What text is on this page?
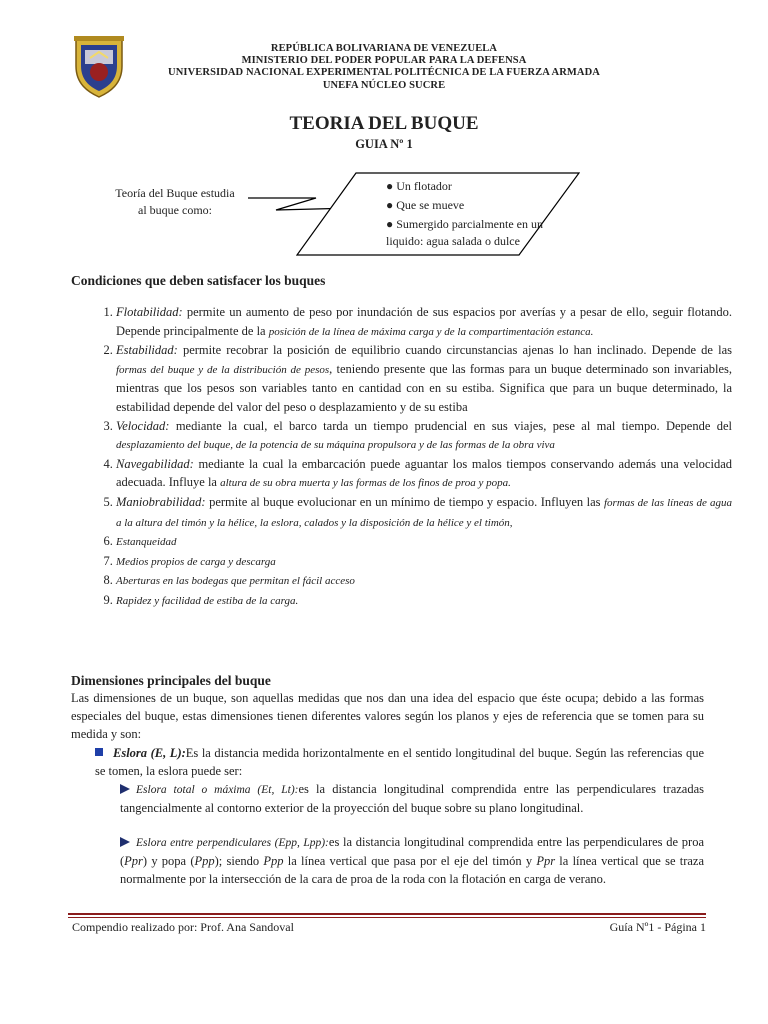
REPÚBLICA BOLIVARIANA DE VENEZUELA
MINISTERIO DEL PODER POPULAR PARA LA DEFENSA
UNIVERSIDAD NACIONAL EXPERIMENTAL POLITÉCNICA DE LA FUERZA ARMADA
UNEFA NÚCLEO SUCRE
TEORIA DEL BUQUE
GUIA Nº 1
Teoría del Buque estudia
al buque como:
● Un flotador
● Que se mueve
● Sumergido parcialmente en un liquido: agua salada o dulce
Condiciones que deben satisfacer los buques
1. Flotabilidad: permite un aumento de peso por inundación de sus espacios por averías y a pesar de ello, seguir flotando. Depende principalmente de la posición de la línea de máxima carga y de la compartimentación estanca.
2. Estabilidad: permite recobrar la posición de equilibrio cuando circunstancias ajenas lo han inclinado. Depende de las formas del buque y de la distribución de pesos, teniendo presente que las formas para un buque determinado son invariables, mientras que los pesos son variables tanto en cantidad con en su estiba. Significa que para un buque determinado, la estabilidad depende del valor del peso o desplazamiento y de su estiba
3. Velocidad: mediante la cual, el barco tarda un tiempo prudencial en sus viajes, pese al mal tiempo. Depende del desplazamiento del buque, de la potencia de su máquina propulsora y de las formas de la obra viva
4. Navegabilidad: mediante la cual la embarcación puede aguantar los malos tiempos conservando además una velocidad adecuada. Influye la altura de su obra muerta y las formas de los finos de proa y popa.
5. Maniobrabilidad: permite al buque evolucionar en un mínimo de tiempo y espacio. Influyen las formas de las líneas de agua a la altura del timón y la hélice, la eslora, calados y la disposición de la hélice y el timón,
6. Estanqueidad
7. Medios propios de carga y descarga
8. Aberturas en las bodegas que permitan el fácil acceso
9. Rapidez y facilidad de estiba de la carga.
Dimensiones principales del buque
Las dimensiones de un buque, son aquellas medidas que nos dan una idea del espacio que éste ocupa; debido a las formas especiales del buque, estas dimensiones tienen diferentes valores según los planos y ejes de referencia que se tomen para su medida y son:
Eslora (E, L):Es la distancia medida horizontalmente en el sentido longitudinal del buque. Según las referencias que se tomen, la eslora puede ser:
Eslora total o máxima (Et, Lt):es la distancia longitudinal comprendida entre las perpendiculares trazadas tangencialmente al contorno exterior de la proyección del buque sobre su plano longitudinal.
Eslora entre perpendiculares (Epp, Lpp):es la distancia longitudinal comprendida entre las perpendiculares de proa (Ppr) y popa (Ppp); siendo Ppp la línea vertical que pasa por el eje del timón y Ppr la línea vertical que se traza normalmente por la intersección de la cara de proa de la roda con la flotación en carga de verano.
Compendio realizado por: Prof. Ana Sandoval	Guía Nº1 - Página 1
